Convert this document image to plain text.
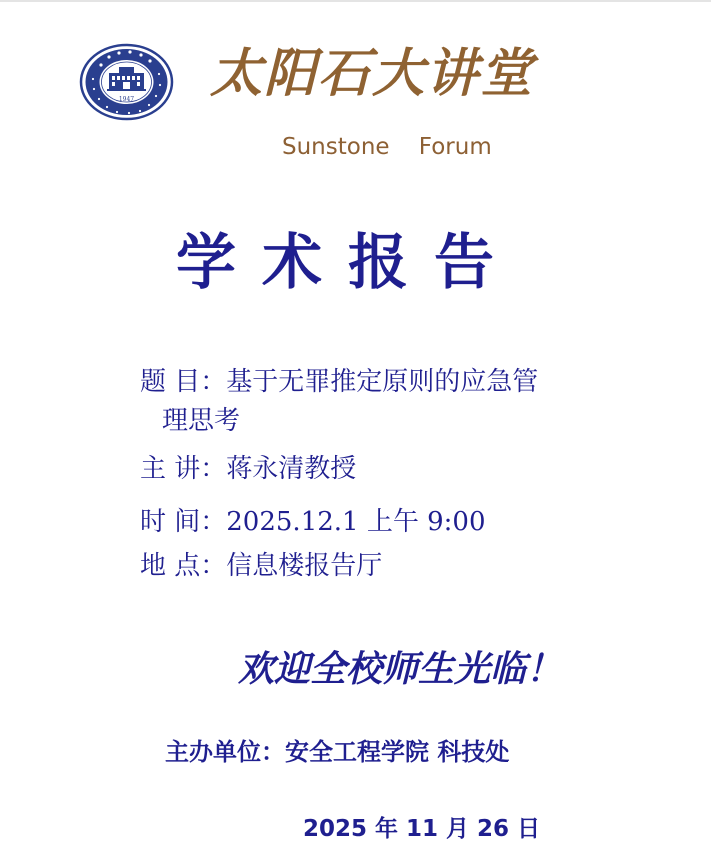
1947 太阳石大讲堂
Sunstone    Forum
学术报告
题 目：基于无罪推定原则的应急管
理思考
主 讲：蒋永清教授
时 间：2025.12.1 上午 9:00
地 点：信息楼报告厅
欢迎全校师生光临！
主办单位：安全工程学院 科技处
2025 年 11 月 26 日
